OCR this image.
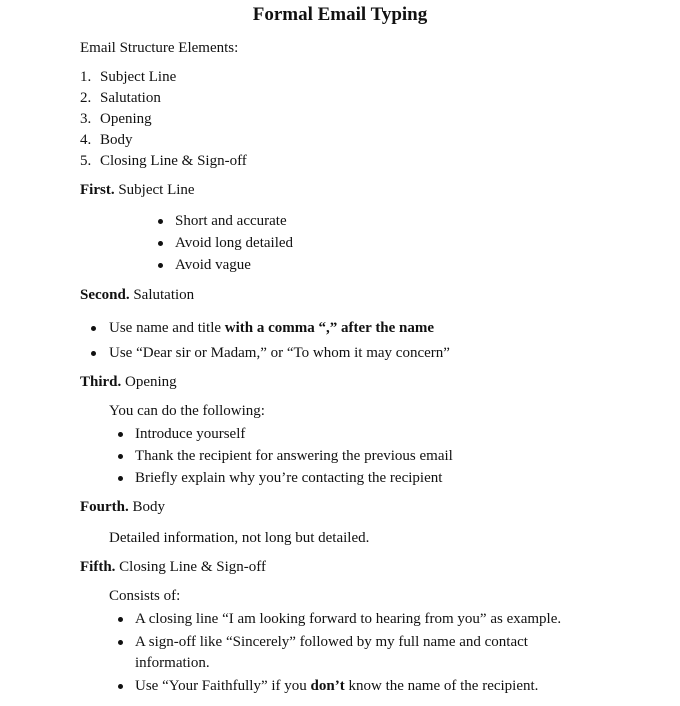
Formal Email Typing
Email Structure Elements:
1. Subject Line
2. Salutation
3. Opening
4. Body
5. Closing Line & Sign-off
First. Subject Line
Short and accurate
Avoid long detailed
Avoid vague
Second. Salutation
Use name and title with a comma “,” after the name
Use “Dear sir or Madam,” or “To whom it may concern”
Third. Opening
You can do the following:
Introduce yourself
Thank the recipient for answering the previous email
Briefly explain why you’re contacting the recipient
Fourth. Body
Detailed information, not long but detailed.
Fifth. Closing Line & Sign-off
Consists of:
A closing line “I am looking forward to hearing from you” as example.
A sign-off like “Sincerely” followed by my full name and contact
information.
Use “Your Faithfully” if you don’t know the name of the recipient.
